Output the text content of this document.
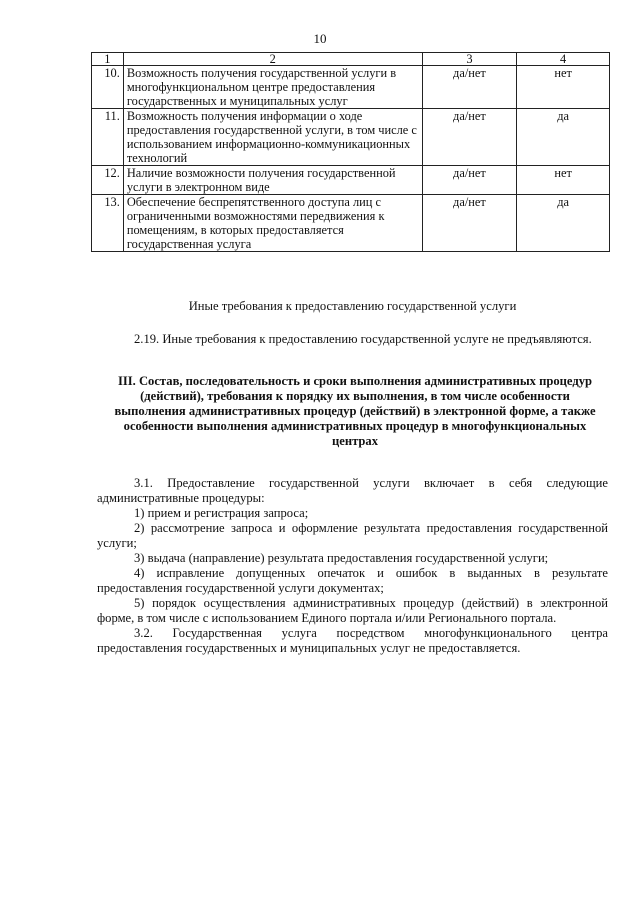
10
1	2	3	4
10.	Возможность получения государственной услуги в многофункциональном центре предоставления государственных и муниципальных услуг	да/нет	нет
11.	Возможность получения информации о ходе предоставления государственной услуги, в том числе с использованием информационно-коммуникационных технологий	да/нет	да
12.	Наличие возможности получения государственной услуги в электронном виде	да/нет	нет
13.	Обеспечение беспрепятственного доступа лиц с ограниченными возможностями передвижения к помещениям, в которых предоставляется государственная услуга	да/нет	да
Иные требования к предоставлению государственной услуги
2.19. Иные требования к предоставлению государственной услуге не предъявляются.
III. Состав, последовательность и сроки выполнения административных процедур (действий), требования к порядку их выполнения, в том числе особенности выполнения административных процедур (действий) в электронной форме, а также особенности выполнения административных процедур в многофункциональных центрах

3.1. Предоставление государственной услуги включает в себя следующие административные процедуры:

1) прием и регистрация запроса;

2) рассмотрение запроса и оформление результата предоставления государственной услуги;

3) выдача (направление) результата предоставления государственной услуги;

4) исправление допущенных опечаток и ошибок в выданных в результате предоставления государственной услуги документах;

5) порядок осуществления административных процедур (действий) в электронной форме, в том числе с использованием Единого портала и/или Регионального портала.

3.2. Государственная услуга посредством многофункционального центра предоставления государственных и муниципальных услуг не предоставляется.
